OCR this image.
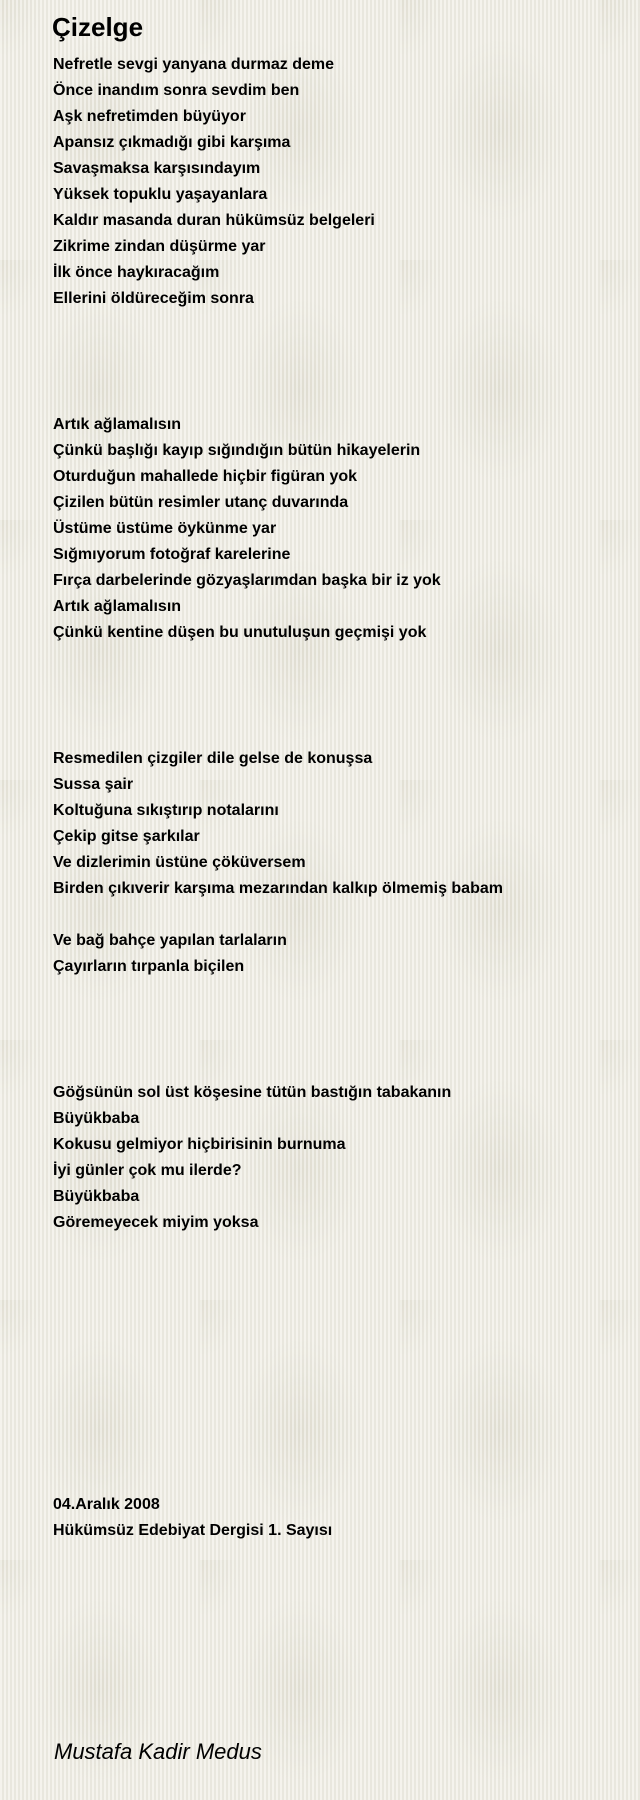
Çizelge
Nefretle sevgi yanyana durmaz deme
Önce inandım sonra sevdim ben
Aşk nefretimden büyüyor
Apansız çıkmadığı gibi karşıma
Savaşmaksa karşısındayım
Yüksek topuklu yaşayanlara
Kaldır masanda duran hükümsüz belgeleri
Zikrime zindan düşürme yar
İlk önce haykıracağım
Ellerini öldüreceğim sonra
Artık ağlamalısın
Çünkü başlığı kayıp sığındığın bütün hikayelerin
Oturduğun mahallede hiçbir figüran yok
Çizilen bütün resimler utanç duvarında
Üstüme üstüme öykünme yar
Sığmıyorum fotoğraf karelerine
Fırça darbelerinde gözyaşlarımdan başka bir iz yok
Artık ağlamalısın
Çünkü kentine düşen bu unutuluşun geçmişi yok
Resmedilen çizgiler dile gelse de konuşsa
Sussa şair
Koltuğuna sıkıştırıp notalarını
Çekip gitse şarkılar
Ve dizlerimin üstüne çöküversem
Birden çıkıverir karşıma mezarından kalkıp ölmemiş babam
Ve bağ bahçe yapılan tarlaların
Çayırların tırpanla biçilen
Göğsünün sol üst köşesine tütün bastığın tabakanın
Büyükbaba
Kokusu gelmiyor hiçbirisinin burnuma
İyi günler çok mu ilerde?
Büyükbaba
Göremeyecek miyim yoksa
04.Aralık 2008
Hükümsüz Edebiyat Dergisi 1. Sayısı
Mustafa Kadir Medus
